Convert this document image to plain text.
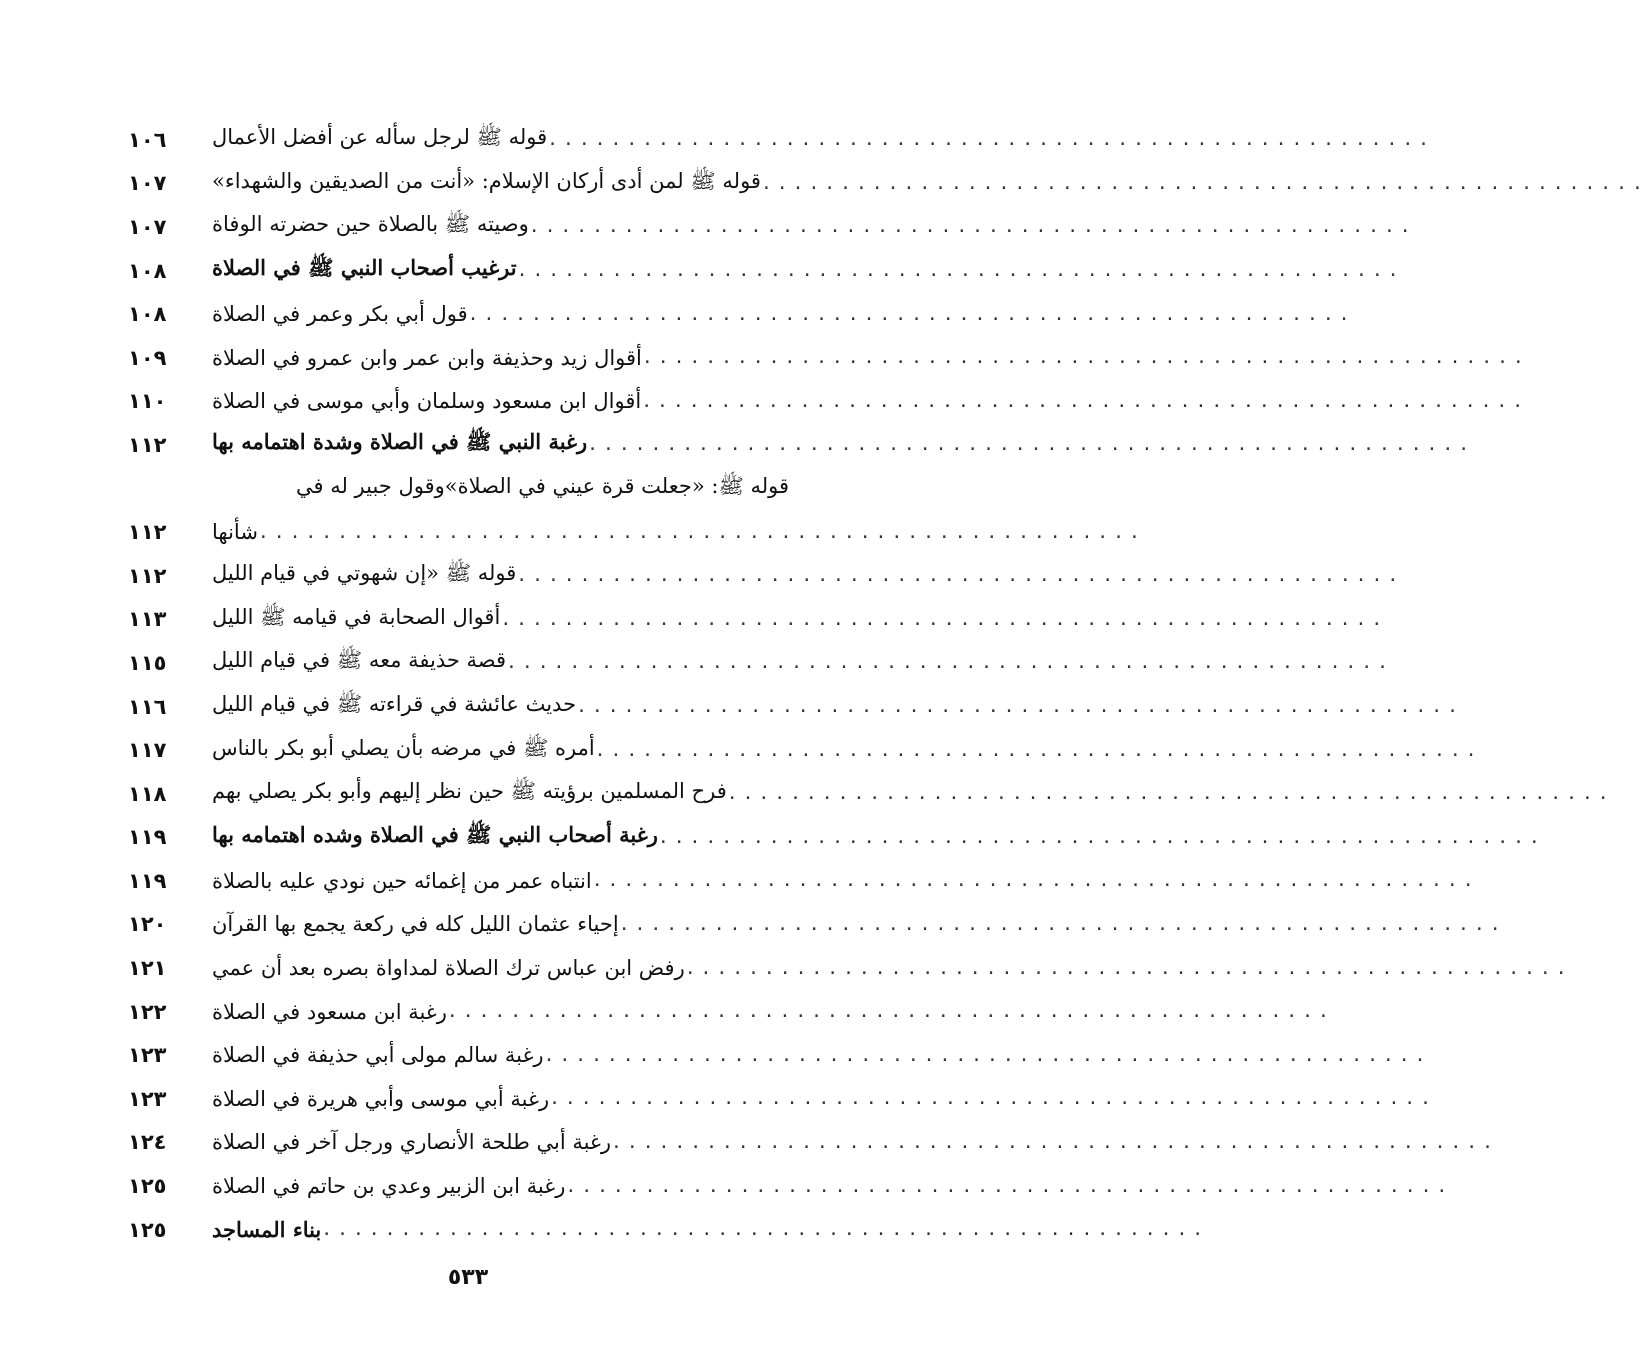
قوله ﷺ لرجل سأله عن أفضل الأعمال ........................................................
١٠٦
قوله ﷺ لمن أدى أركان الإسلام: «أنت من الصديقين والشهداء» ........................................................
١٠٧
وصيته ﷺ بالصلاة حين حضرته الوفاة ........................................................
١٠٧
ترغيب أصحاب النبي ﷺ في الصلاة ........................................................
١٠٨
قول أبي بكر وعمر في الصلاة ........................................................
١٠٨
أقوال زيد وحذيفة وابن عمر وابن عمرو في الصلاة ........................................................
١٠٩
أقوال ابن مسعود وسلمان وأبي موسى في الصلاة ........................................................
١١٠
رغبة النبي ﷺ في الصلاة وشدة اهتمامه بها ........................................................
١١٢
قوله ﷺ: «جعلت قرة عيني في الصلاة»وقول جبير له في
شأنها ........................................................
١١٢
قوله ﷺ «إن شهوتي في قيام الليل ........................................................
١١٢
أقوال الصحابة في قيامه ﷺ الليل ........................................................
١١٣
قصة حذيفة معه ﷺ في قيام الليل ........................................................
١١٥
حديث عائشة في قراءته ﷺ في قيام الليل ........................................................
١١٦
أمره ﷺ في مرضه بأن يصلي أبو بكر بالناس ........................................................
١١٧
فرح المسلمين برؤيته ﷺ حين نظر إليهم وأبو بكر يصلي بهم ........................................................
١١٨
رغبة أصحاب النبي ﷺ في الصلاة وشده اهتمامه بها ........................................................
١١٩
انتباه عمر من إغمائه حين نودي عليه بالصلاة ........................................................
١١٩
إحياء عثمان الليل كله في ركعة يجمع بها القرآن ........................................................
١٢٠
رفض ابن عباس ترك الصلاة لمداواة بصره بعد أن عمي ........................................................
١٢١
رغبة ابن مسعود في الصلاة ........................................................
١٢٢
رغبة سالم مولى أبي حذيفة في الصلاة ........................................................
١٢٣
رغبة أبي موسى وأبي هريرة في الصلاة ........................................................
١٢٣
رغبة أبي طلحة الأنصاري ورجل آخر في الصلاة ........................................................
١٢٤
رغبة ابن الزبير وعدي بن حاتم في الصلاة ........................................................
١٢٥
بناء المساجد ........................................................
١٢٥
٥٣٣
